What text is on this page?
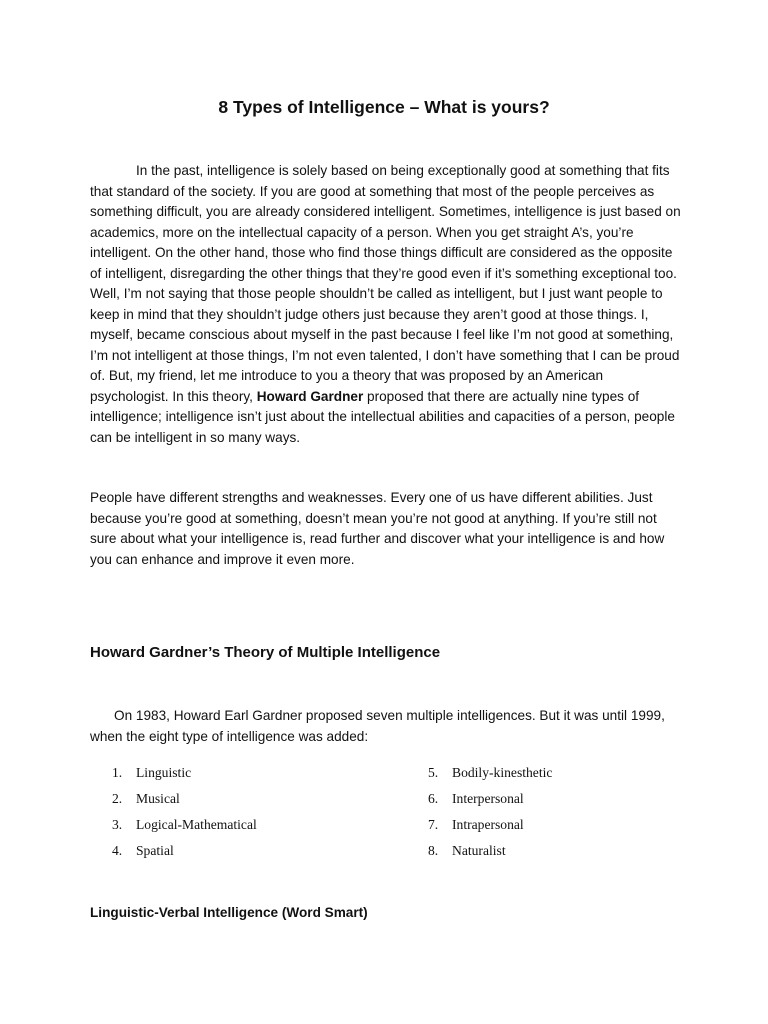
8 Types of Intelligence – What is yours?

In the past, intelligence is solely based on being exceptionally good at something that fits that standard of the society. If you are good at something that most of the people perceives as something difficult, you are already considered intelligent. Sometimes, intelligence is just based on academics, more on the intellectual capacity of a person. When you get straight A’s, you’re intelligent. On the other hand, those who find those things difficult are considered as the opposite of intelligent, disregarding the other things that they’re good even if it’s something exceptional too. Well, I’m not saying that those people shouldn’t be called as intelligent, but I just want people to keep in mind that they shouldn’t judge others just because they aren’t good at those things. I, myself, became conscious about myself in the past because I feel like I’m not good at something, I’m not intelligent at those things, I’m not even talented, I don’t have something that I can be proud of. But, my friend, let me introduce to you a theory that was proposed by an American psychologist. In this theory, Howard Gardner proposed that there are actually nine types of intelligence; intelligence isn’t just about the intellectual abilities and capacities of a person, people can be intelligent in so many ways.

People have different strengths and weaknesses. Every one of us have different abilities. Just because you’re good at something, doesn’t mean you’re not good at anything. If you’re still not sure about what your intelligence is, read further and discover what your intelligence is and how you can enhance and improve it even more.

Howard Gardner’s Theory of Multiple Intelligence

On 1983, Howard Earl Gardner proposed seven multiple intelligences. But it was until 1999, when the eight type of intelligence was added:

1. Linguistic
2. Musical
3. Logical-Mathematical
4. Spatial
5. Bodily-kinesthetic
6. Interpersonal
7. Intrapersonal
8. Naturalist
Linguistic-Verbal Intelligence (Word Smart)
